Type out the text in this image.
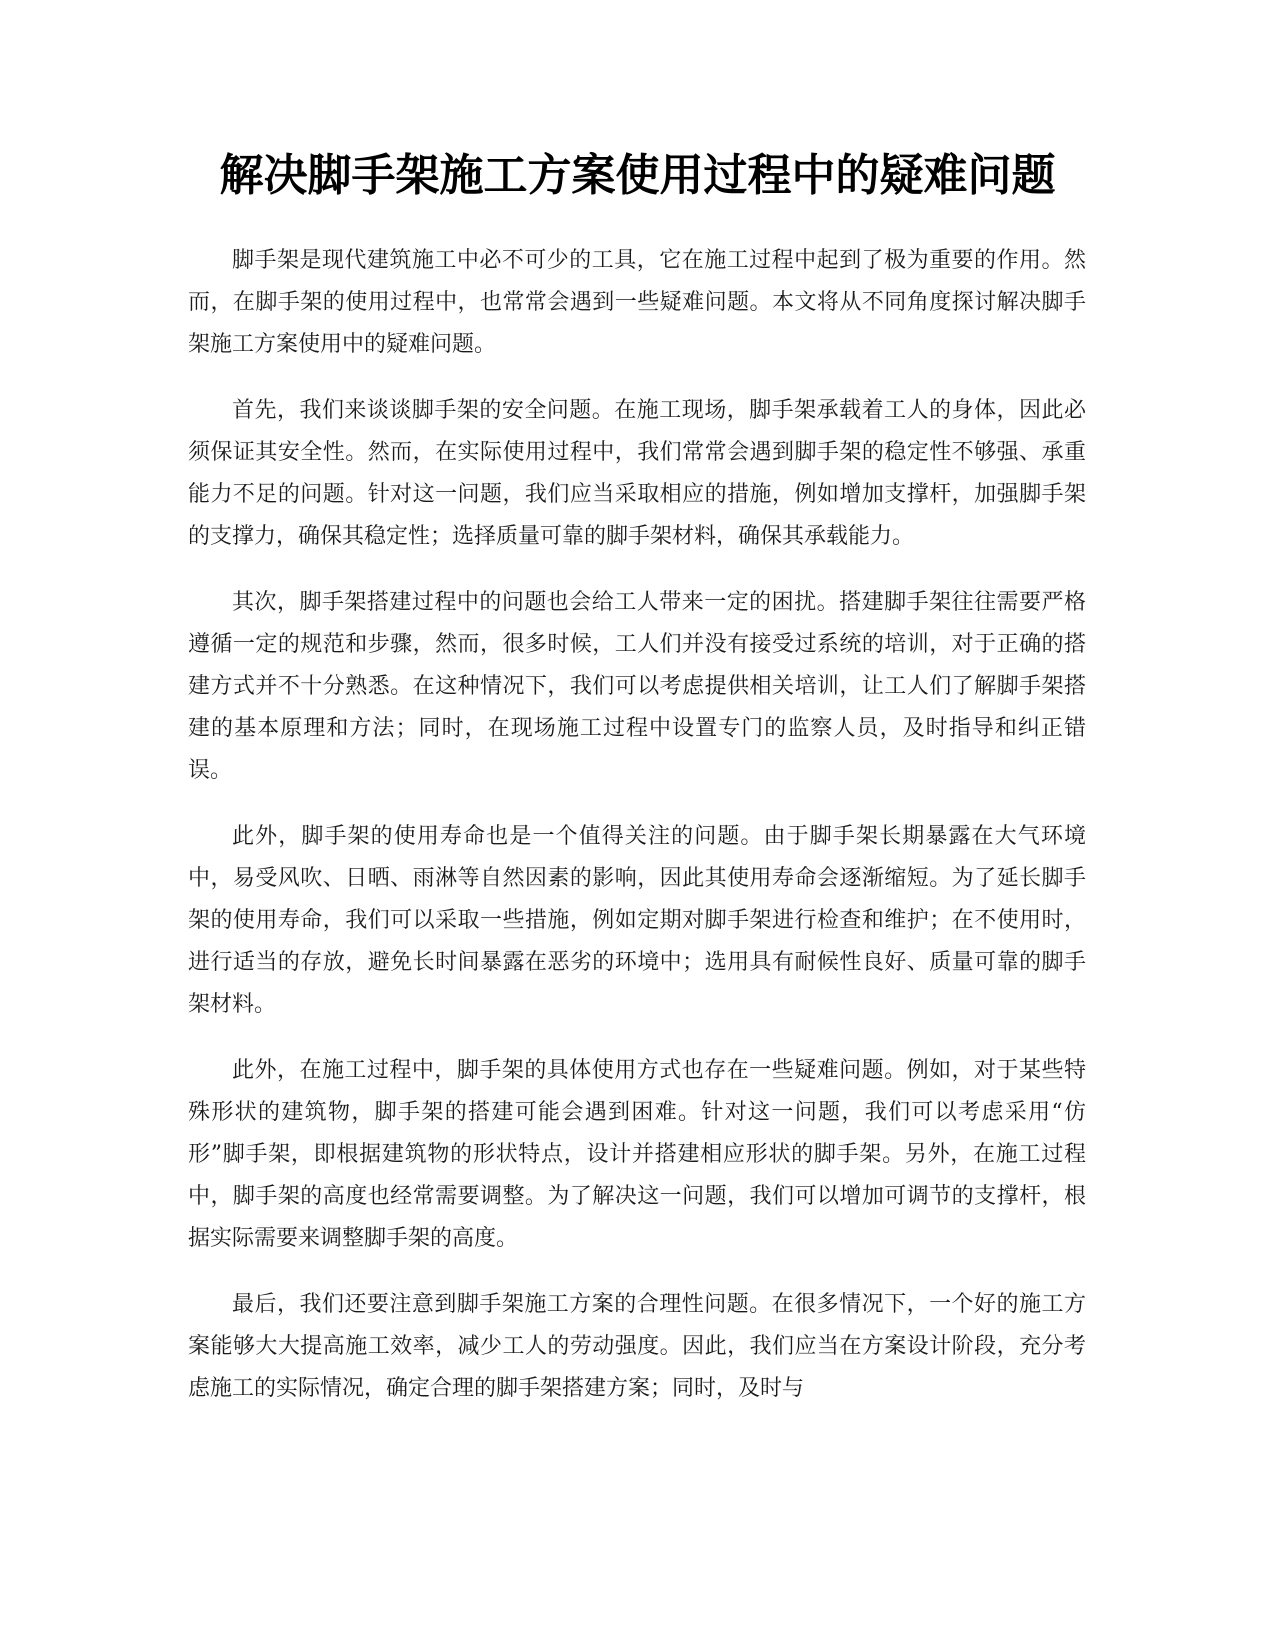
解决脚手架施工方案使用过程中的疑难问题

脚手架是现代建筑施工中必不可少的工具，它在施工过程中起到了极为重要的作用。然而，在脚手架的使用过程中，也常常会遇到一些疑难问题。本文将从不同角度探讨解决脚手架施工方案使用中的疑难问题。

首先，我们来谈谈脚手架的安全问题。在施工现场，脚手架承载着工人的身体，因此必须保证其安全性。然而，在实际使用过程中，我们常常会遇到脚手架的稳定性不够强、承重能力不足的问题。针对这一问题，我们应当采取相应的措施，例如增加支撑杆，加强脚手架的支撑力，确保其稳定性；选择质量可靠的脚手架材料，确保其承载能力。

其次，脚手架搭建过程中的问题也会给工人带来一定的困扰。搭建脚手架往往需要严格遵循一定的规范和步骤，然而，很多时候，工人们并没有接受过系统的培训，对于正确的搭建方式并不十分熟悉。在这种情况下，我们可以考虑提供相关培训，让工人们了解脚手架搭建的基本原理和方法；同时，在现场施工过程中设置专门的监察人员，及时指导和纠正错误。

此外，脚手架的使用寿命也是一个值得关注的问题。由于脚手架长期暴露在大气环境中，易受风吹、日晒、雨淋等自然因素的影响，因此其使用寿命会逐渐缩短。为了延长脚手架的使用寿命，我们可以采取一些措施，例如定期对脚手架进行检查和维护；在不使用时，进行适当的存放，避免长时间暴露在恶劣的环境中；选用具有耐候性良好、质量可靠的脚手架材料。

此外，在施工过程中，脚手架的具体使用方式也存在一些疑难问题。例如，对于某些特殊形状的建筑物，脚手架的搭建可能会遇到困难。针对这一问题，我们可以考虑采用“仿形”脚手架，即根据建筑物的形状特点，设计并搭建相应形状的脚手架。另外，在施工过程中，脚手架的高度也经常需要调整。为了解决这一问题，我们可以增加可调节的支撑杆，根据实际需要来调整脚手架的高度。

最后，我们还要注意到脚手架施工方案的合理性问题。在很多情况下，一个好的施工方案能够大大提高施工效率，减少工人的劳动强度。因此，我们应当在方案设计阶段，充分考虑施工的实际情况，确定合理的脚手架搭建方案；同时，及时与
